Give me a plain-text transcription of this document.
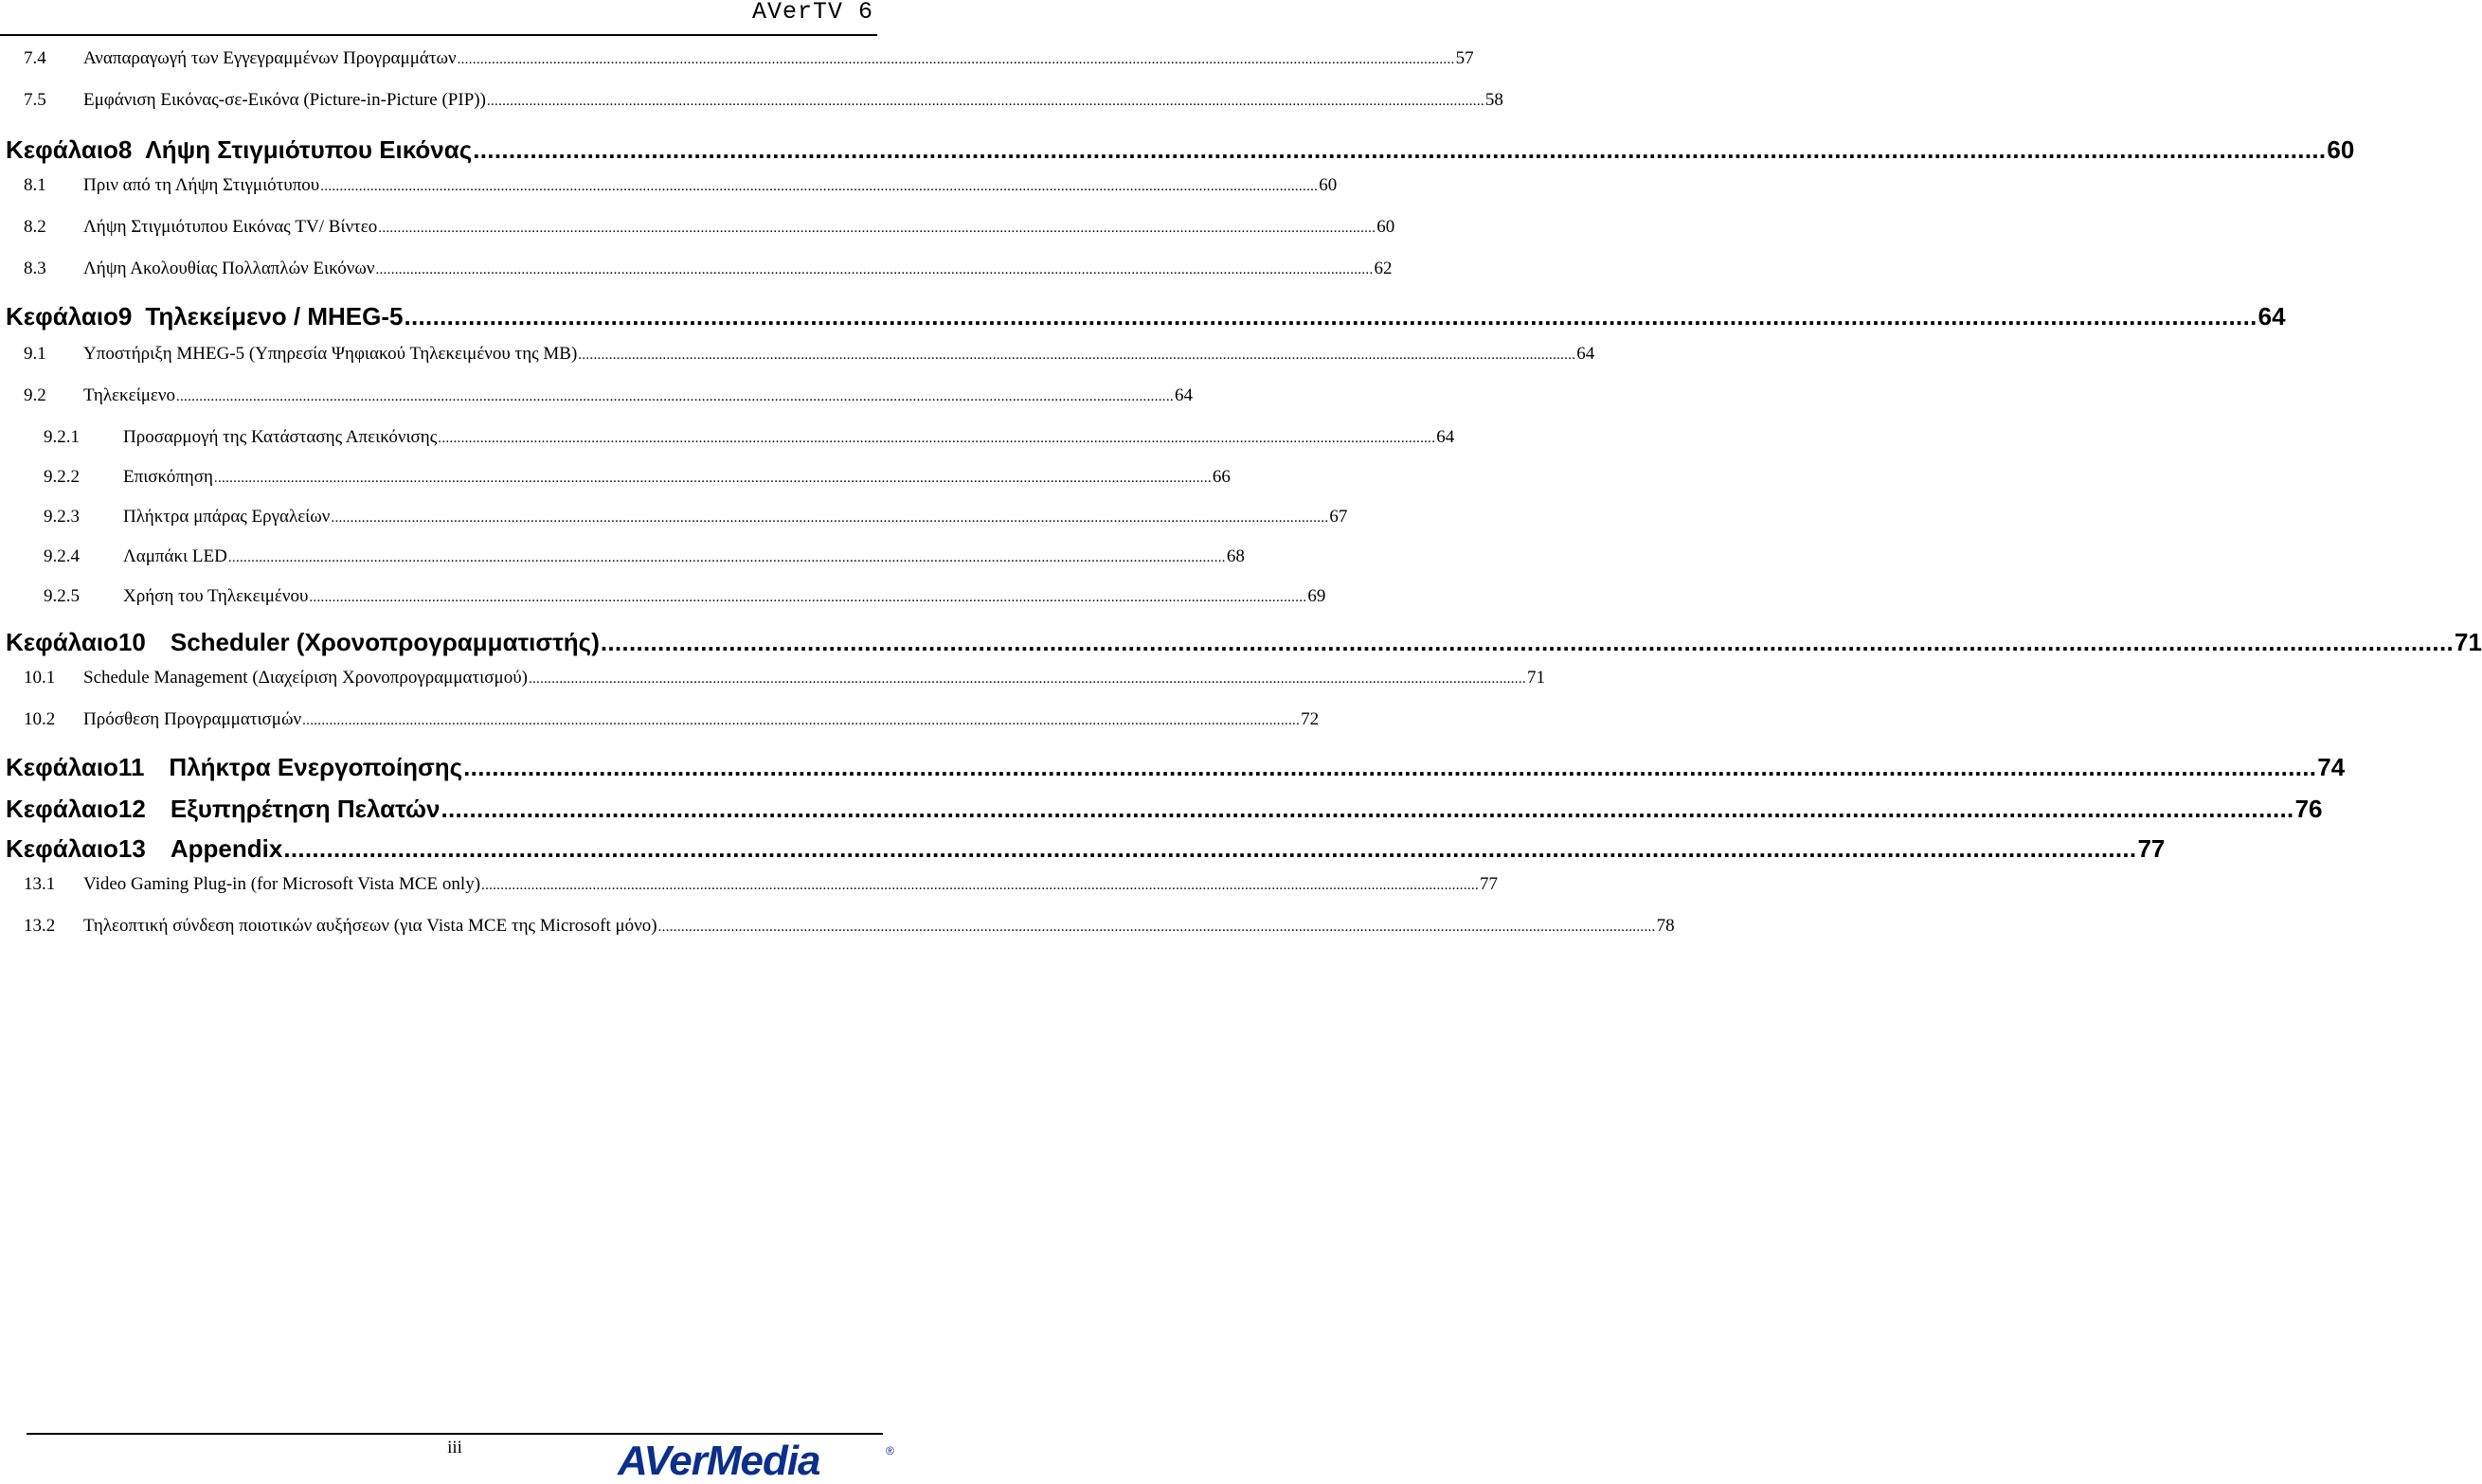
AVerTV 6
7.4	Αναπαραγωγή των Εγγεγραμμένων Προγραμμάτων .................................................................................................................................................................................................................................................................... 57
7.5	Εμφάνιση Εικόνας-σε-Εικόνα (Picture-in-Picture (PIP)) .................................................................................................................................................................................................................................................................... 58
Κεφάλαιο8 Λήψη Στιγμιότυπου Εικόνας .................................................................................................................................................................................................................................................................... 60
8.1	Πριν από τη Λήψη Στιγμιότυπου .................................................................................................................................................................................................................................................................... 60
8.2	Λήψη Στιγμιότυπου Εικόνας TV/ Βίντεο .................................................................................................................................................................................................................................................................... 60
8.3	Λήψη Ακολουθίας Πολλαπλών Εικόνων .................................................................................................................................................................................................................................................................... 62
Κεφάλαιο9 Τηλεκείμενο / MHEG-5 .................................................................................................................................................................................................................................................................... 64
9.1	Υποστήριξη MHEG-5 (Υπηρεσία Ψηφιακού Τηλεκειμένου της MB) .................................................................................................................................................................................................................................................................... 64
9.2	Τηλεκείμενο .................................................................................................................................................................................................................................................................... 64
9.2.1	Προσαρμογή της Κατάστασης Απεικόνισης .................................................................................................................................................................................................................................................................... 64
9.2.2	Επισκόπηση .................................................................................................................................................................................................................................................................... 66
9.2.3	Πλήκτρα μπάρας Εργαλείων .................................................................................................................................................................................................................................................................... 67
9.2.4	Λαμπάκι LED .................................................................................................................................................................................................................................................................... 68
9.2.5	Χρήση του Τηλεκειμένου .................................................................................................................................................................................................................................................................... 69
Κεφάλαιο10 Scheduler (Χρονοπρογραμματιστής) .................................................................................................................................................................................................................................................................... 71
10.1	Schedule Management (Διαχείριση Χρονοπρογραμματισμού) .................................................................................................................................................................................................................................................................... 71
10.2	Πρόσθεση Προγραμματισμών .................................................................................................................................................................................................................................................................... 72
Κεφάλαιο11 Πλήκτρα Ενεργοποίησης .................................................................................................................................................................................................................................................................... 74
Κεφάλαιο12 Εξυπηρέτηση Πελατών .................................................................................................................................................................................................................................................................... 76
Κεφάλαιο13 Appendix .................................................................................................................................................................................................................................................................... 77
13.1	Video Gaming Plug-in (for Microsoft Vista MCE only) .................................................................................................................................................................................................................................................................... 77
13.2	Τηλεοπτική σύνδεση ποιοτικών αυξήσεων (για Vista MCE της Microsoft μόνο) .................................................................................................................................................................................................................................................................... 78
iii	AVerMedia	®
